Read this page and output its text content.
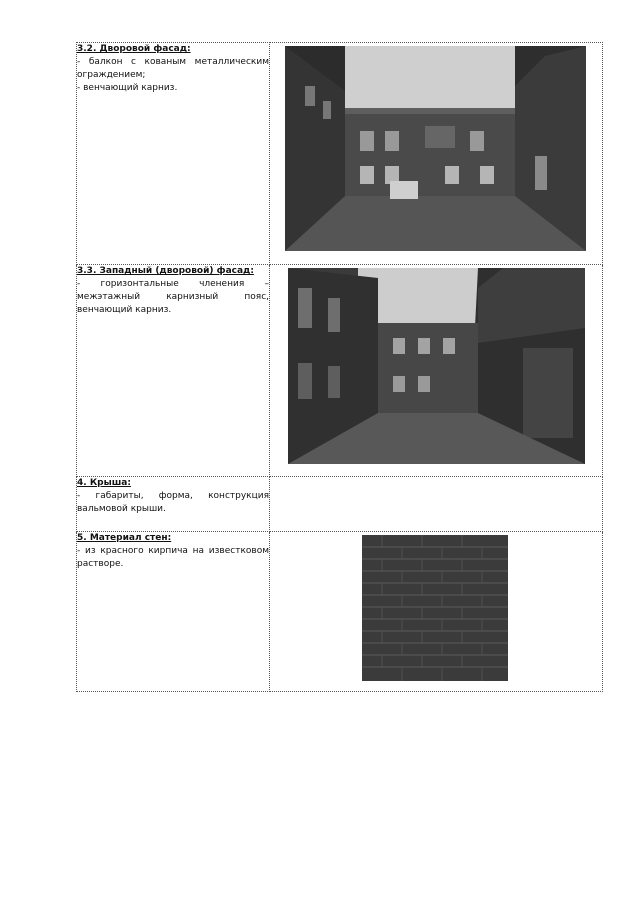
3.2. Дворовой фасад:
- балкон с кованым металлическим ограждением;
- венчающий карниз.

3.3. Западный (дворовой) фасад:
- горизонтальные членения – межэтажный карнизный пояс, венчающий карниз.

4. Крыша:
- габариты, форма, конструкция вальмовой крыши.	

5. Материал стен:
- из красного кирпича на известковом растворе.
